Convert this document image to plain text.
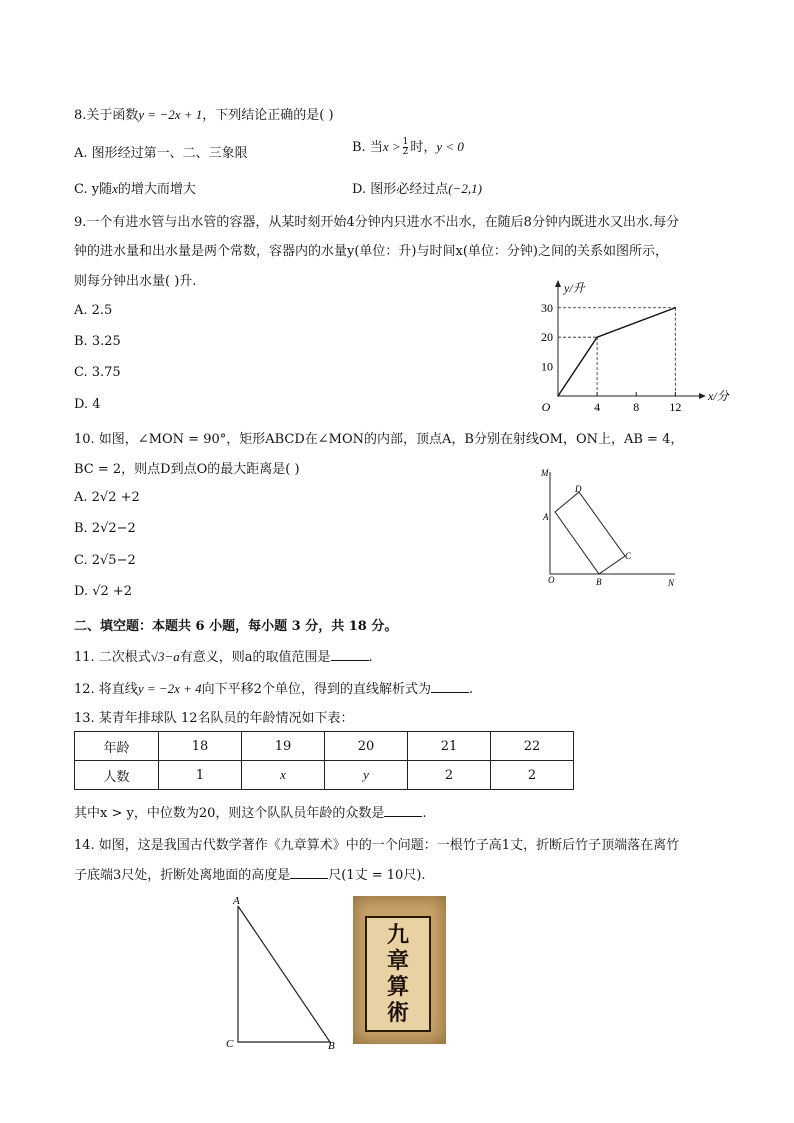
8.关于函数y = −2x + 1，下列结论正确的是( )
A. 图形经过第一、二、三象限	B. 当$x > \frac{1}{2}$ 时，y < 0
C. y随x的增大而增大	D. 图形必经过点(−2,1)
9.一个有进水管与出水管的容器，从某时刻开始4分钟内只进水不出水，在随后8分钟内既进水又出水.每分
钟的进水量和出水量是两个常数，容器内的水量y(单位：升)与时间x(单位：分钟)之间的关系如图所示，
则每分钟出水量( )升.
A. 2.5
B. 3.25
C. 3.75
D. 4	4	8	12
10
20
30
O
y/升
x/分
10. 如图，∠MON = 90°，矩形ABCD在∠MON的内部，顶点A，B分别在射线OM，ON上，AB = 4，
BC = 2，则点D到点O的最大距离是( )
A. 2√2 +2
B. 2√2−2
C. 2√5−2
D. √2 +2
M
D
A
C
O	B	N
二、填空题：本题共 6 小题，每小题 3 分，共 18 分。
11. 二次根式√3−a有意义，则a的取值范围是	.
12. 将直线y = −2x + 4向下平移2个单位，得到的直线解析式为	.
13. 某青年排球队 12名队员的年龄情况如下表：
年龄	18	19	20	21	22
人数	1	x	y	2	2
其中x > y，中位数为20，则这个队队员年龄的众数是	.
14. 如图，这是我国古代数学著作《九章算术》中的一个问题：一根竹子高1丈，折断后竹子顶端落在离竹
子底端3尺处，折断处离地面的高度是	尺(1丈 = 10尺).
A
C	B
九
章
算
術
